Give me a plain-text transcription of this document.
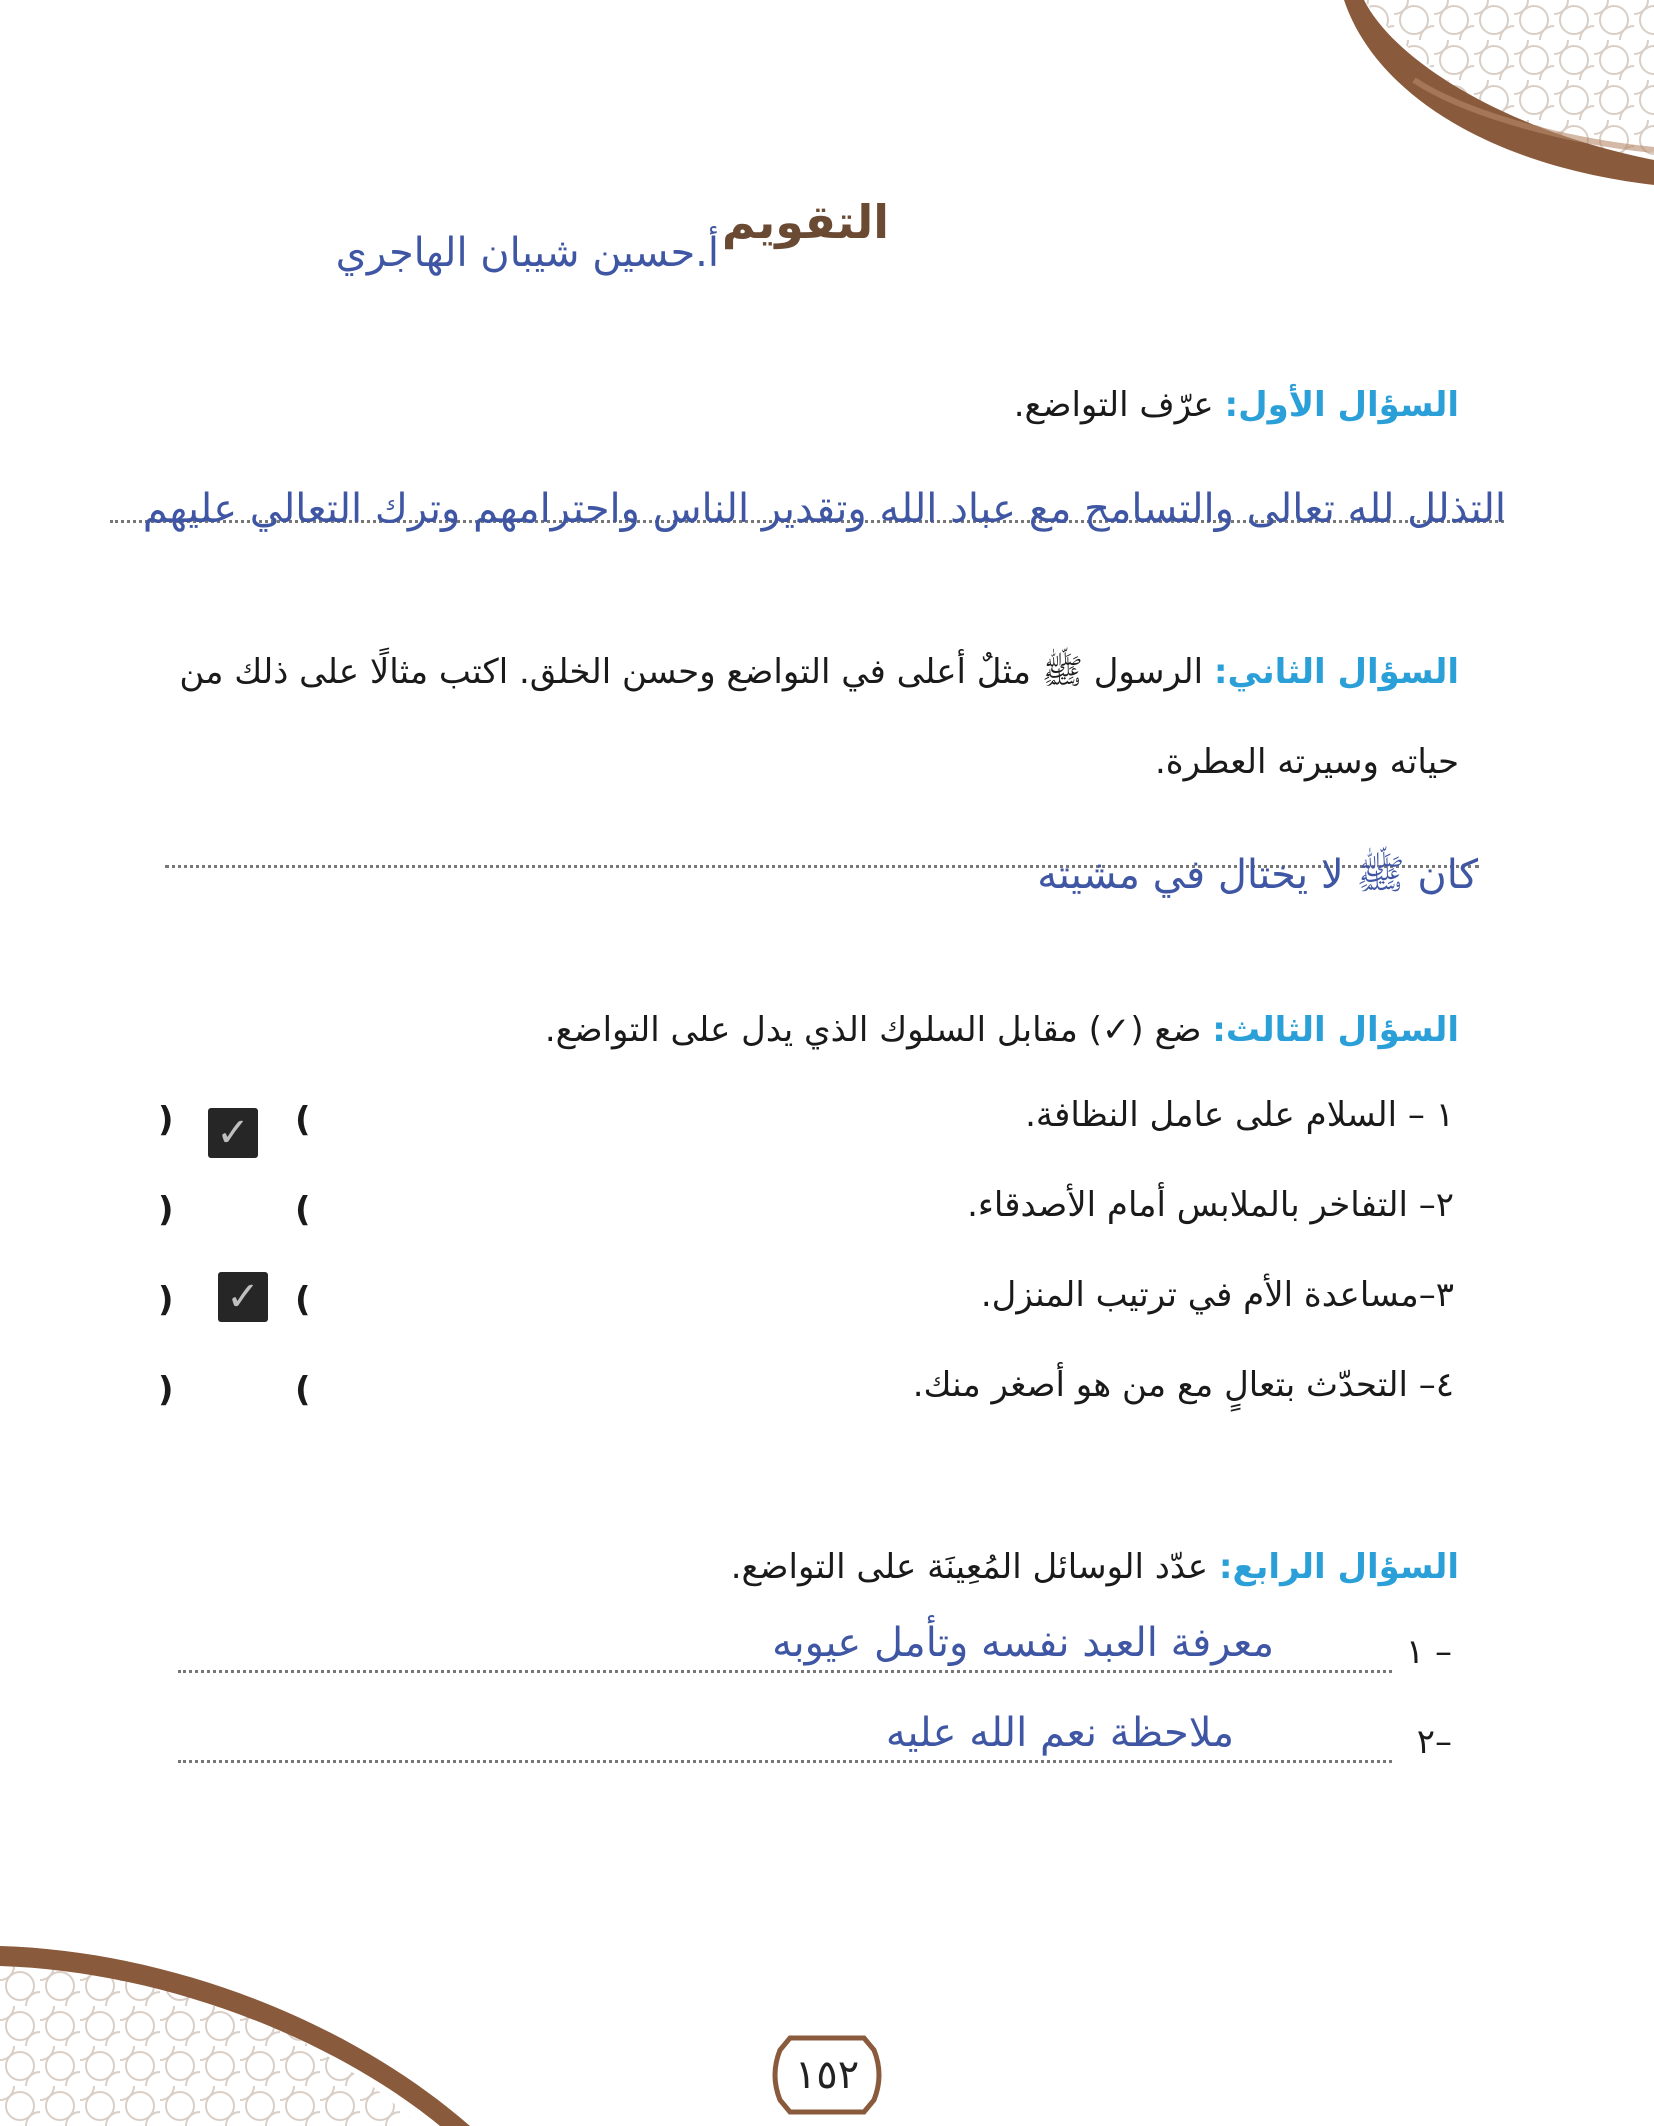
التقويم
أ.حسين شيبان الهاجري
السؤال الأول: عرّف التواضع.
التذلل لله تعالى والتسامح مع عباد الله وتقدير الناس واحترامهم وترك التعالي عليهم
السؤال الثاني: الرسول ﷺ مثلٌ أعلى في التواضع وحسن الخلق. اكتب مثالًا على ذلك من
حياته وسيرته العطرة.
كان ﷺ لا يختال في مشيته
السؤال الثالث: ضع (✓) مقابل السلوك الذي يدل على التواضع.
١ – السلام على عامل النظافة.
(
✓
)
٢– التفاخر بالملابس أمام الأصدقاء.
(
)
٣–مساعدة الأم في ترتيب المنزل.
(
✓
)
٤– التحدّث بتعالٍ مع من هو أصغر منك.
(
)
السؤال الرابع: عدّد الوسائل المُعِينَة على التواضع.
١ –
معرفة العبد نفسه وتأمل عيوبه
٢–
ملاحظة نعم الله عليه
١٥٢
